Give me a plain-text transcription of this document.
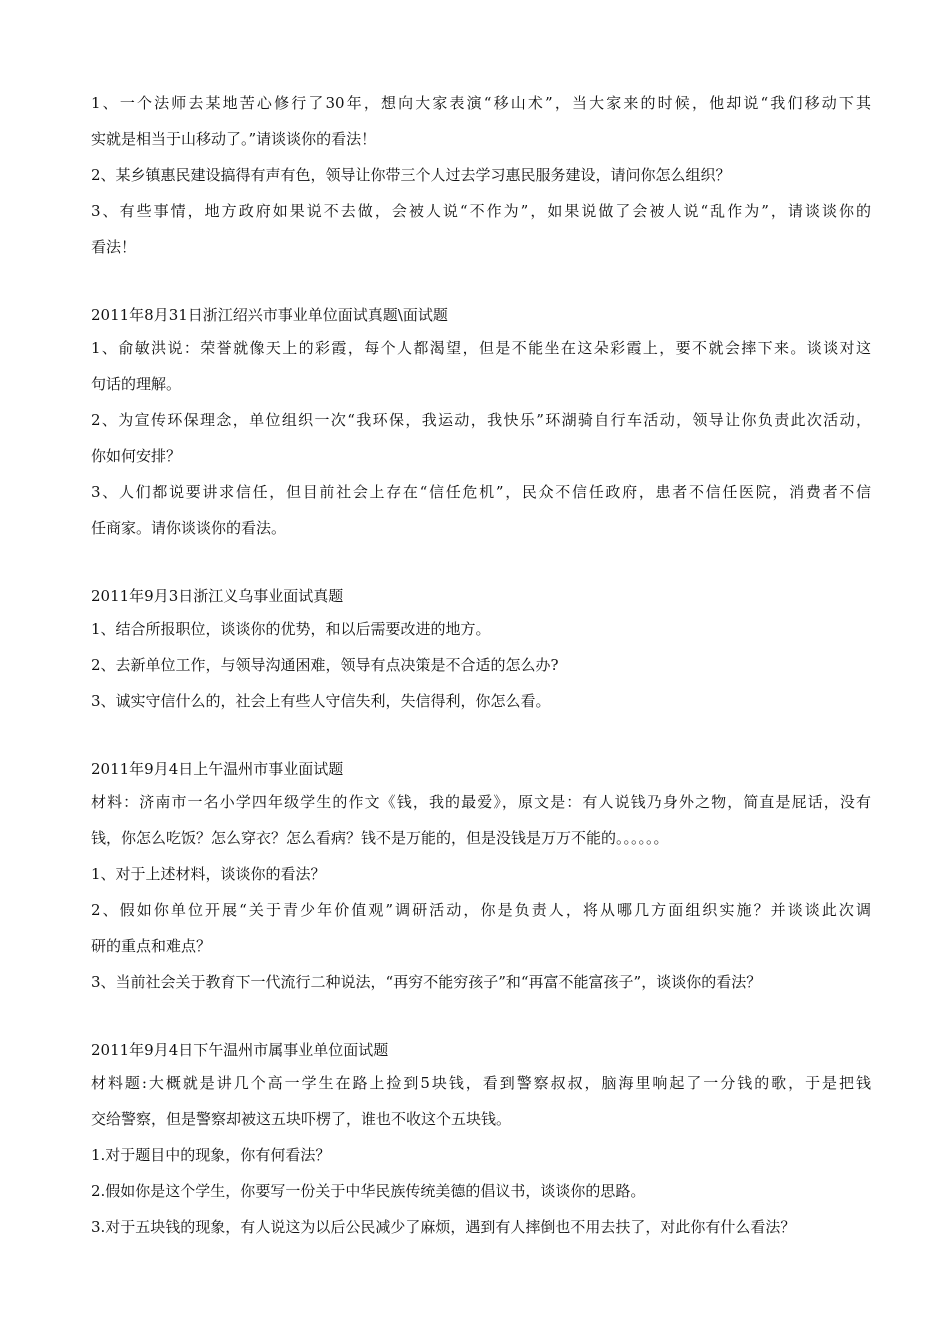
1、一个法师去某地苦心修行了30年，想向大家表演“移山术”，当大家来的时候，他却说“我们移动下其
实就是相当于山移动了。”请谈谈你的看法！
2、某乡镇惠民建设搞得有声有色，领导让你带三个人过去学习惠民服务建设，请问你怎么组织？
3、有些事情，地方政府如果说不去做，会被人说“不作为”，如果说做了会被人说“乱作为”，请谈谈你的
看法！
2011年8月31日浙江绍兴市事业单位面试真题\面试题
1、俞敏洪说：荣誉就像天上的彩霞，每个人都渴望，但是不能坐在这朵彩霞上，要不就会摔下来。谈谈对这
句话的理解。
2、为宣传环保理念，单位组织一次“我环保，我运动，我快乐”环湖骑自行车活动，领导让你负责此次活动，
你如何安排？
3、人们都说要讲求信任，但目前社会上存在“信任危机”，民众不信任政府，患者不信任医院，消费者不信
任商家。请你谈谈你的看法。
2011年9月3日浙江义乌事业面试真题
1、结合所报职位，谈谈你的优势，和以后需要改进的地方。
2、去新单位工作，与领导沟通困难，领导有点决策是不合适的怎么办?
3、诚实守信什么的，社会上有些人守信失利，失信得利，你怎么看。
2011年9月4日上午温州市事业面试题
材料：济南市一名小学四年级学生的作文《钱，我的最爱》，原文是：有人说钱乃身外之物，简直是屁话，没有
钱，你怎么吃饭？怎么穿衣？怎么看病？钱不是万能的，但是没钱是万万不能的。。。。。。
1、对于上述材料，谈谈你的看法？
2、假如你单位开展“关于青少年价值观”调研活动，你是负责人，将从哪几方面组织实施？并谈谈此次调
研的重点和难点？
3、当前社会关于教育下一代流行二种说法，“再穷不能穷孩子”和“再富不能富孩子”，谈谈你的看法？
2011年9月4日下午温州市属事业单位面试题
材料题:大概就是讲几个高一学生在路上捡到5块钱，看到警察叔叔，脑海里响起了一分钱的歌，于是把钱
交给警察，但是警察却被这五块吓楞了，谁也不收这个五块钱。
1.对于题目中的现象，你有何看法？
2.假如你是这个学生，你要写一份关于中华民族传统美德的倡议书，谈谈你的思路。
3.对于五块钱的现象，有人说这为以后公民减少了麻烦，遇到有人摔倒也不用去扶了，对此你有什么看法？
